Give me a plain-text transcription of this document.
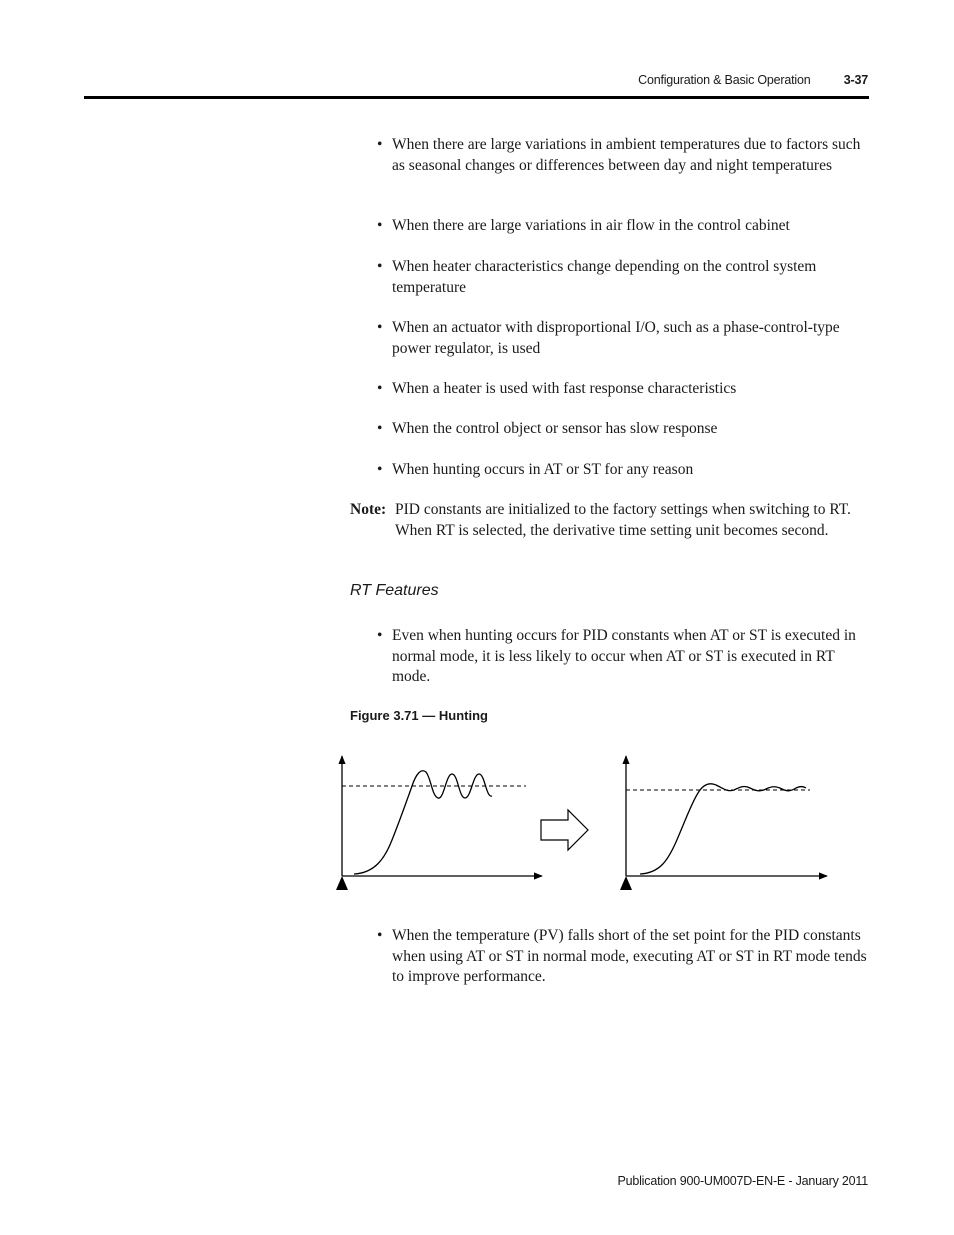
Configuration & Basic Operation	3-37
• When there are large variations in ambient temperatures due to factors such as seasonal changes or differences between day and night temperatures
• When there are large variations in air flow in the control cabinet
• When heater characteristics change depending on the control system temperature
• When an actuator with disproportional I/O, such as a phase-control-type power regulator, is used
• When a heater is used with fast response characteristics
• When the control object or sensor has slow response
• When hunting occurs in AT or ST for any reason
Note: PID constants are initialized to the factory settings when switching to RT. When RT is selected, the derivative time setting unit becomes second.
• Even when hunting occurs for PID constants when AT or ST is executed in normal mode, it is less likely to occur when AT or ST is executed in RT mode.
• When the temperature (PV) falls short of the set point for the PID constants when using AT or ST in normal mode, executing AT or ST in RT mode tends to improve performance.
RT Features
Figure 3.71 — Hunting
Publication 900-UM007D-EN-E - January 2011
